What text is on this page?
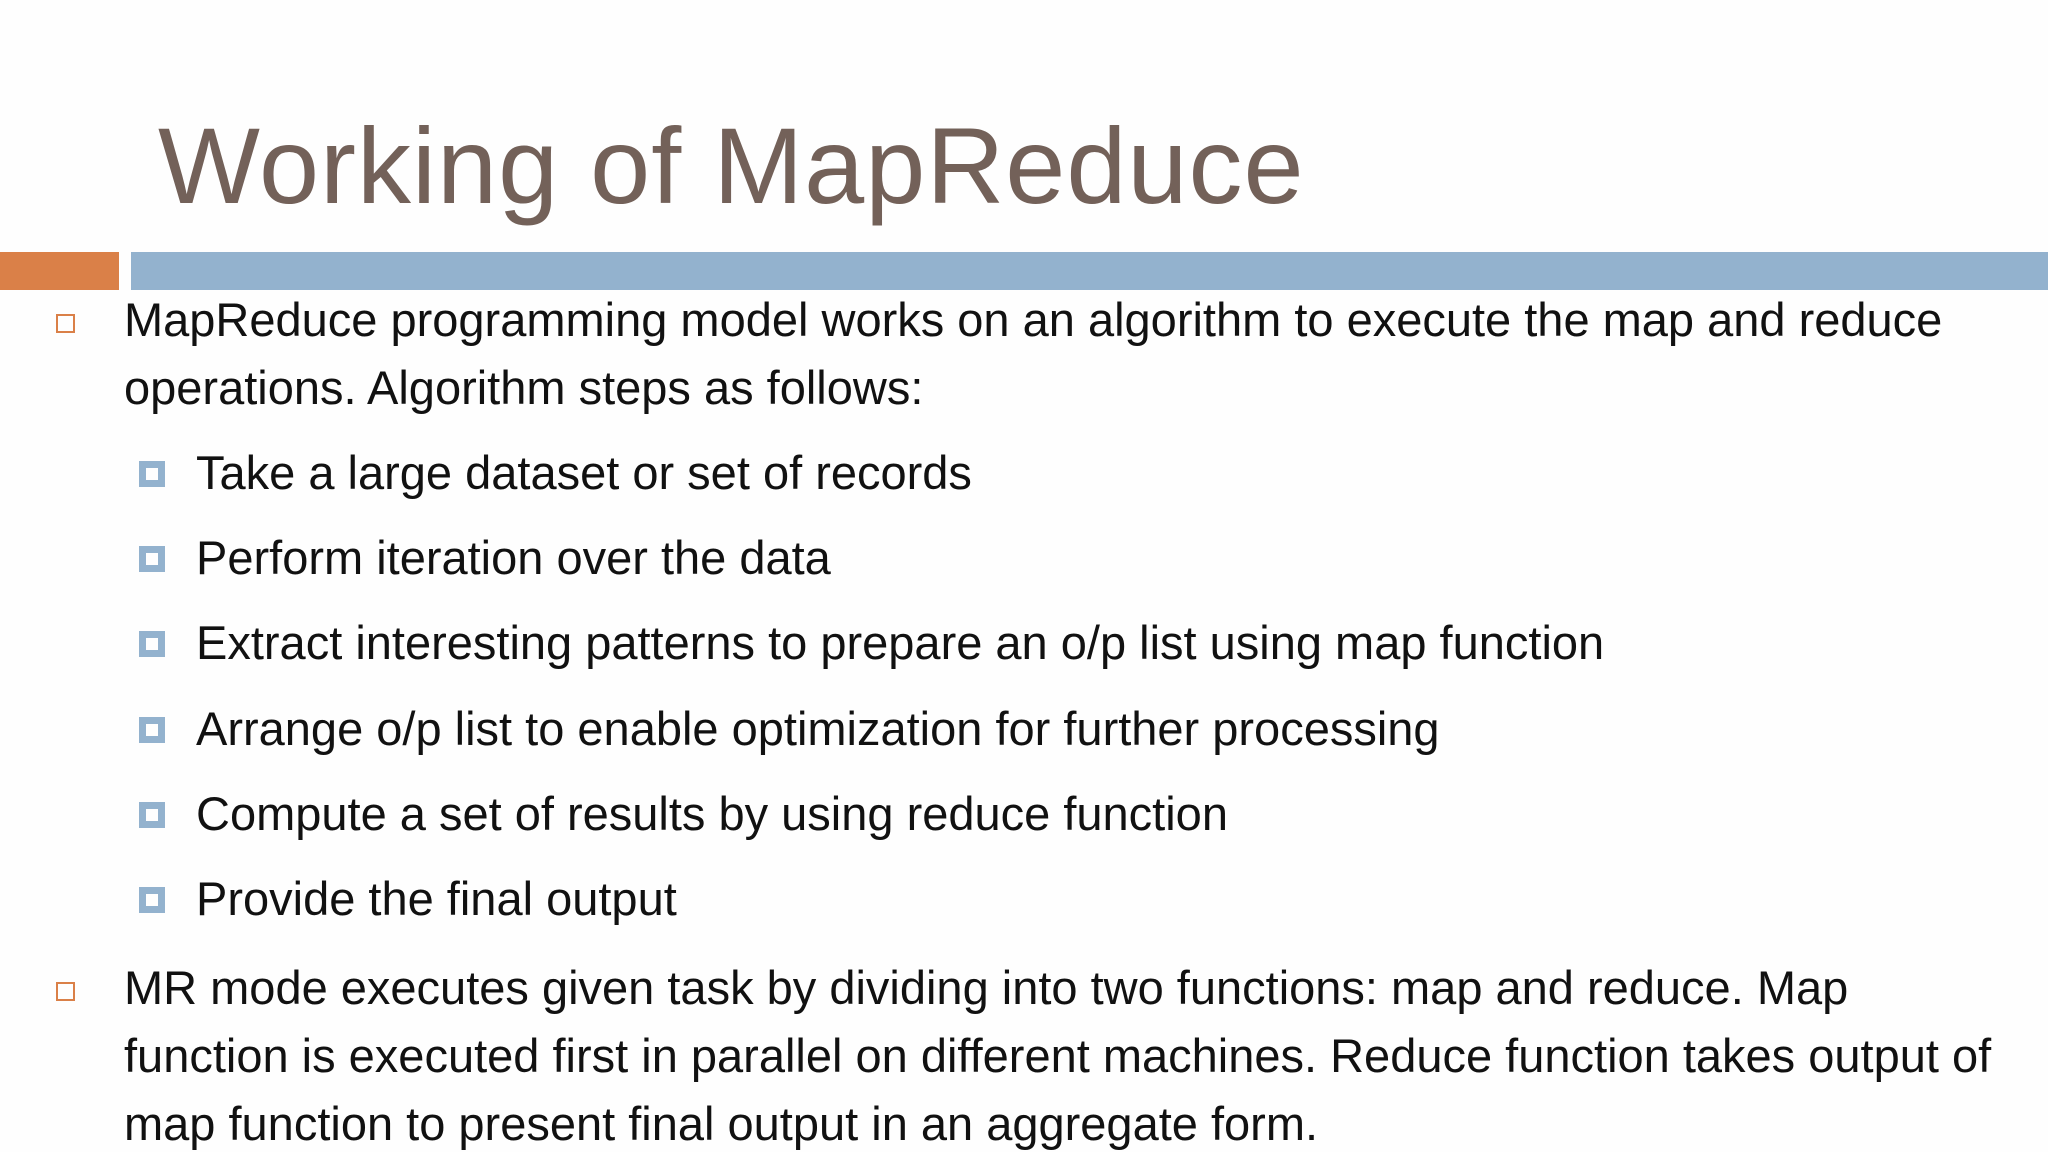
Working of MapReduce

MapReduce programming model works on an algorithm to execute the map and reduce operations. Algorithm steps as follows:

Take a large dataset or set of records

Perform iteration over the data

Extract interesting patterns to prepare an o/p list using map function

Arrange o/p list to enable optimization for further processing

Compute a set of results by using reduce function

Provide the final output

MR mode executes given task by dividing into two functions: map and reduce. Map function is executed first in parallel on different machines. Reduce function takes output of map function to present final output in an aggregate form.
